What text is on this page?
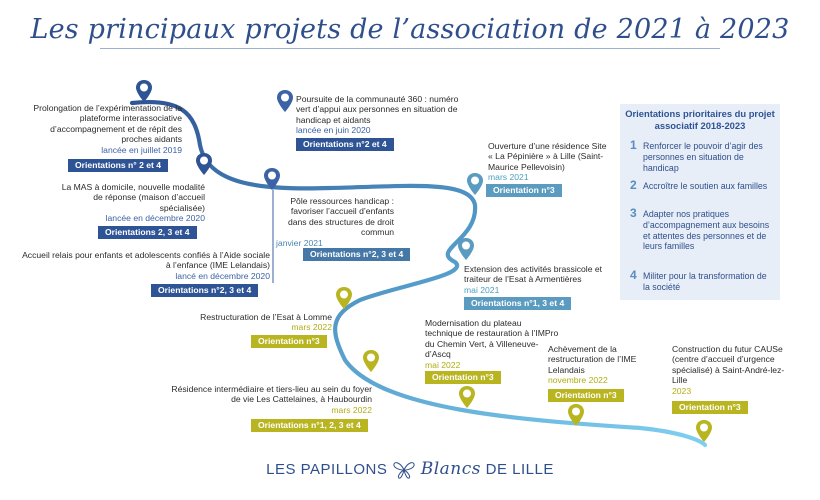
Les principaux projets de l’association de 2021 à 2023
Prolongation de l’expérimentation de la plateforme interassociative d’accompagnement et de répit des proches aidants
lancée en juillet 2019
Orientations n° 2 et 4
Poursuite de la communauté 360 : numéro vert d’appui aux personnes en situation de handicap et aidants
lancée en juin 2020
Orientations n°2 et 4
La MAS à domicile, nouvelle modalité de réponse (maison d’accueil spécialisée)
lancée en décembre 2020
Orientations 2, 3 et 4
Pôle ressources handicap : favoriser l’accueil d’enfants dans des structures de droit commun
janvier 2021
Orientations n°2, 3 et 4
Ouverture d’une résidence Site « La Pépinière » à Lille (Saint-Maurice Pellevoisin)
mars 2021
Orientation n°3
Accueil relais pour enfants et adolescents confiés à l’Aide sociale à l’enfance (IME Lelandais)
lancé en décembre 2020
Orientations n°2, 3 et 4
Extension des activités brassicole et traiteur de l’Esat à Armentières
mai 2021
Orientations n°1, 3 et 4
Restructuration de l’Esat à Lomme
mars 2022
Orientation n°3
Modernisation du plateau technique de restauration à l’IMPro du Chemin Vert, à Villeneuve-d’Ascq
mai 2022
Orientation n°3
Achèvement de la restructuration de l’IME Lelandais
novembre 2022
Orientation n°3
Construction du futur CAUSe (centre d’accueil d’urgence spécialisé) à Saint-André-lez-Lille
2023
Orientation n°3
Résidence intermédiaire et tiers-lieu au sein du foyer de vie Les Cattelaines, à Haubourdin
mars 2022
Orientations n°1, 2, 3 et 4
Orientations prioritaires du projet associatif 2018-2023
1 Renforcer le pouvoir d’agir des personnes en situation de handicap
2 Accroître le soutien aux familles
3 Adapter nos pratiques d’accompagnement aux besoins et attentes des personnes et de leurs familles
4 Militer pour la transformation de la société
LES PAPILLONS Blancs DE LILLE
